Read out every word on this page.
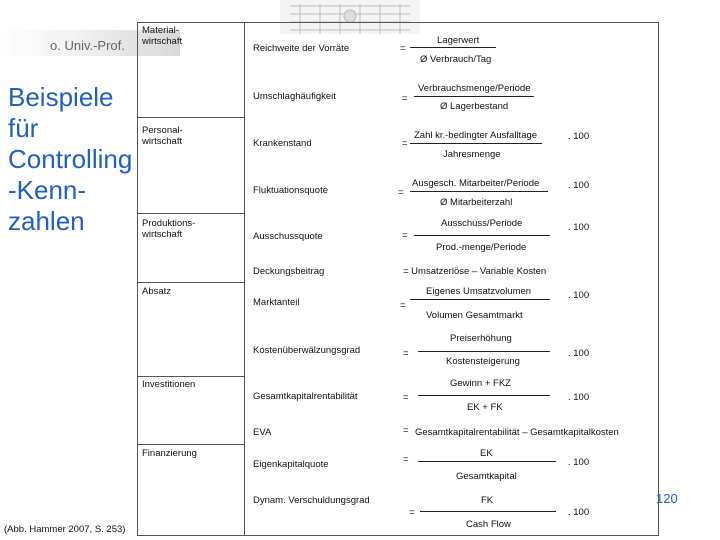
o. Univ.-Prof.
Beispiele
für
Controlling
-Kenn-
zahlen
Material-
wirtschaft
Personal-
wirtschaft
Produktions-
wirtschaft
Absatz
Investitionen
Finanzierung
Reichweite der Vorräte
Umschlaghäufigkeit
Krankenstand
Fluktuationsquote
Ausschussquote
Deckungsbeitrag
Marktanteil
Kostenüberwälzungsgrad
Gesamtkapitalrentabilität
EVA
Eigenkapitalquote
Dynam. Verschuldungsgrad
=
Lagerwert
Ø Verbrauch/Tag
=
Verbrauchsmenge/Periode
Ø Lagerbestand
=
Zahl kr.-bedingter Ausfalltage
Jahresmenge
. 100
=
Ausgesch. Mitarbeiter/Periode
Ø Mitarbeiterzahl
. 100
=
Ausschuss/Periode
Prod.-menge/Periode
. 100
= Umsatzerlöse – Variable Kosten
=
Eigenes Umsatzvolumen
Volumen Gesamtmarkt
. 100
=
Preiserhöhung
Kostensteigerung
. 100
=
Gewinn + FKZ
EK + FK
. 100
= Gesamtkapitalrentabilität – Gesamtkapitalkosten
=
EK
Gesamtkapital
. 100
=
FK
Cash Flow
. 100
120
(Abb. Hammer 2007, S. 253)
